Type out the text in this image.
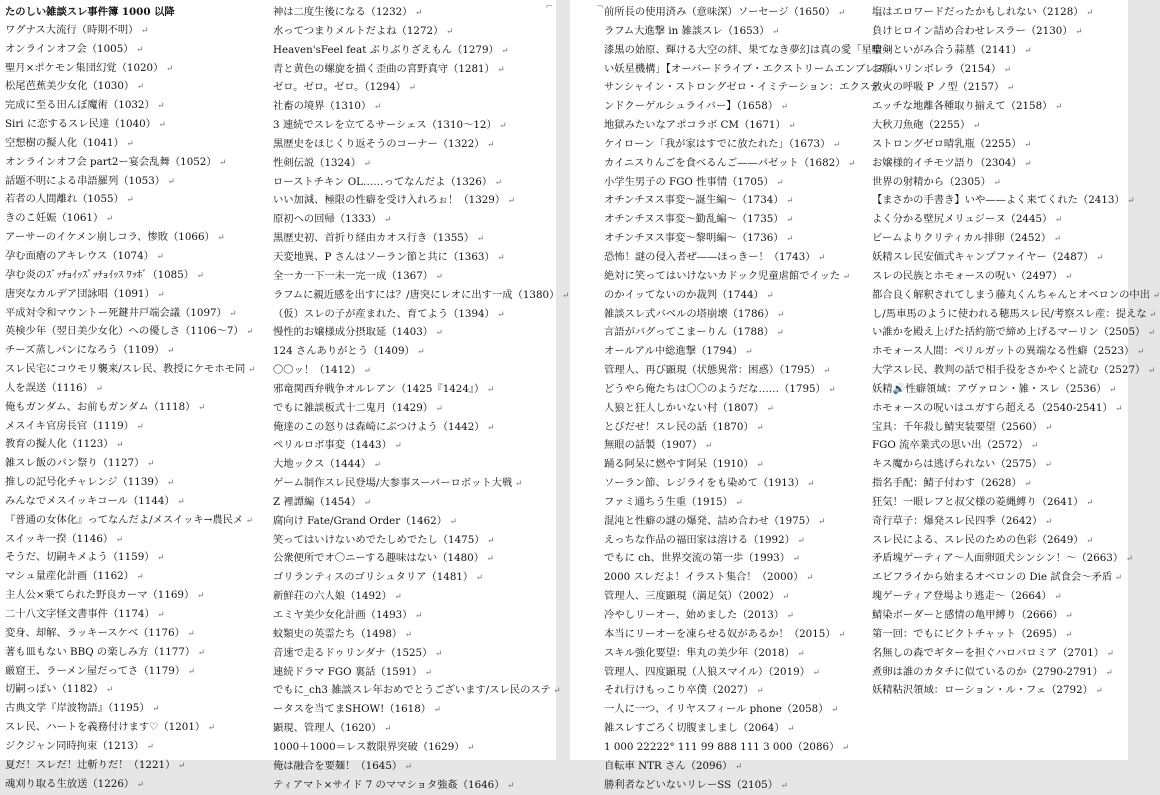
たのしい雑談スレ事件簿 1000 以降
ワグナス大流行（時期不明） ↵
オンラインオフ会（1005） ↵
聖月×ポケモン集団幻覚（1020） ↵
松尾芭蕉美少女化（1030） ↵
完成に至る田んぼ魔術（1032） ↵
Siri に恋するスレ民達（1040） ↵
空想樹の擬人化（1041） ↵
オンラインオフ会 part2ー宴会乱舞（1052） ↵
話題不明による串語羅列（1053） ↵
若者の人間離れ（1055） ↵
きのこ妊娠（1061） ↵
アーサーのイケメン崩しコラ、惨敗（1066） ↵
孕む面瘡のアキレウス（1074） ↵
孕む炎のｽﾞｯﾁｮｲｯｽﾞｯﾁｮｲｯｽ ﾜｯﾎﾞ（1085） ↵
唐突なカルデア団詠唱（1091） ↵
平成対令和マウントー死鍵井戸端会議（1097） ↵
英検少年（翌日美少女化）への優しさ（1106〜7） ↵
チーズ蒸しパンになろう（1109） ↵
スレ民宅にコウモリ襲来/スレ民、教授にケモホモ同 ↵
人を誤送（1116） ↵
俺もガンダム、お前もガンダム（1118） ↵
メスイキ官房長官（1119） ↵
教育の擬人化（1123） ↵
雑スレ飯のパン祭り（1127） ↵
推しの記号化チャレンジ（1139） ↵
みんなでメスイッキコール（1144） ↵
『普通の女体化』ってなんだよ/メスイッキ→農民メ ↵
スイッキ一揆（1146） ↵
そうだ、切嗣キメよう（1159） ↵
マシュ量産化計画（1162） ↵
主人公×乗てられた野良カーマ（1169） ↵
二十八文字怪文書事件（1174） ↵
変身、却解、ラッキースケベ（1176） ↵
著も皿もない BBQ の楽しみ方（1177） ↵
厳窟王、ラーメン屋だってさ（1179） ↵
切嗣っぽい（1182） ↵
古典文学『岸波物語』（1195） ↵
スレ民、ハートを義務付けます♡（1201） ↵
ジクジャン同時拘束（1213） ↵
夏だ！スレだ！辻斬りだ！（1221） ↵
魂刈り取る生放送（1226） ↵
神は二度生後になる（1232） ↵
水ってつまりメルトだよね（1272） ↵
Heaven'sFeel feat ぶりぶりざえもん（1279） ↵
青と黄色の螺旋を描く歪曲の宮野真守（1281） ↵
ゼロ。ゼロ。ゼロ。（1294） ↵
社畜の境界（1310） ↵
3 連続でスレを立てるサーシェス（1310〜12） ↵
黒歴史をほじくり返そうのコーナー（1322） ↵
性剣伝説（1324） ↵
ローストチキン OL……ってなんだよ（1326） ↵
いい加減、極限の性癖を受け入れろぉ！（1329） ↵
原初への回帰（1333） ↵
黒歴史初、首折り経由カオス行き（1355） ↵
天変地異、P さんはソーラン節と共に（1363） ↵
全一カ一下一未一完一成（1367） ↵
ラフムに親近感を出すには？/唐突にレオに出す一成（1380） ↵
（仮）スレの子が産まれた、育てよう（1394） ↵
慢性的お嬢様成分摂取延（1403） ↵
124 さんありがとう（1409） ↵
〇〇ッ！（1412） ↵
邪竜関西弁戦争オルレアン（1425『1424』） ↵
でもに雑談板式十二鬼月（1429） ↵
俺達のこの怒りは森崎にぶつけよう（1442） ↵
ペリルロボ事変（1443） ↵
大地ックス（1444） ↵
ゲーム制作スレ民登場/大参事スーパーロボット大戦 ↵
Z 裡譚編（1454） ↵
腐向け Fate/Grand Order（1462） ↵
笑ってはいけないめでたしめでたし（1475） ↵
公衆便所でオ〇ニーする趣味はない（1480） ↵
ゴリランティスのゴリシュタリア（1481） ↵
新鮮荘の六人娘（1492） ↵
エミヤ美少女化計画（1493） ↵
蚊類史の英霊たち（1498） ↵
音速で走るドゥリンダナ（1525） ↵
連続ドラマ FGO 裏話（1591） ↵
でもに_ch3 雑談スレ年おめでとうございます/スレ民のステ ↵
ータスを当てまSHOW!（1618） ↵
顕現、管理人（1620） ↵
1000＋1000＝レス数限界突破（1629） ↵
俺は融合を要麺！（1645） ↵
ティアマト×サイド 7 のママショタ強姦（1646） ↵
⌐	前所長の使用済み（意味深）ソーセージ（1650） ↵
ラフム大進撃 in 雑談スレ（1653） ↵
漆黒の始原、輝ける大空の絆、果てなき夢幻は真の愛「星喰 ↵
い妖星機構」【オーバードライブ・エクストリームエンブレス ↵
サンシャイン・ストロングゼロ・イミテーション：エクステ ↵
ンドクーゲルシュライバー】（1658） ↵
地獄みたいなアポコラボ CM（1671） ↵
ケイローン「我が家はすでに放たれた」（1673） ↵
カイニスりんごを食べるんご——パゼット（1682） ↵
小学生男子の FGO 性事情（1705） ↵
オチンチヌス事変〜誕生編〜（1734） ↵
オチンチヌス事変〜勤乱編〜（1735） ↵
オチンチヌス事変〜黎明編〜（1736） ↵
恐怖！謎の侵入者ぜ——ほっきー！（1743） ↵
絶対に笑ってはいけないカドック児童虐館でイッた ↵
のかイッてないのか裁判（1744） ↵
雑談スレ式バベルの塔崩壊（1786） ↵
言語がバグってこまーりん（1788） ↵
オールアル中総進撃（1794） ↵
管理人、再び顕現（状態異常：困惑）（1795） ↵
どうやら俺たちは〇〇のようだな……（1795） ↵
人狼と狂人しかいない村（1807） ↵
とびだせ！スレ民の話（1870） ↵
無眼の話製（1907） ↵
踊る阿呆に燃やす阿呆（1910） ↵
ソーラン節、レジライをも染めて（1913） ↵
ファミ通ちう生重（1915） ↵
混沌と性癖の謎の爆発、詰め合わせ（1975） ↵
えっちな作品の福田家は溶ける（1992） ↵
でもに ch、世界交流の第一歩（1993） ↵
2000 スレだよ！イラスト集合！（2000） ↵
管理人、三度顕現（満足気）（2002） ↵
冷やしリーオー、始めました（2013） ↵
本当にリーオーを凍らせる奴があるか！（2015） ↵
スキル強化要望：隼丸の美少年（2018） ↵
管理人、四度顕現（人狼スマイル）（2019） ↵
それ行けもっこり卒僕（2027） ↵
一人に一つ、イリヤスフィール phone（2058） ↵
雑スレすごろく切腹ましまし（2064） ↵
1 000 22222° 111 99 888 111 3 000（2086） ↵
自転車 NTR さん（2096） ↵
勝利者などいないリレーSS（2105） ↵
塩はエロワードだったかもしれない（2128） ↵
負けヒロイン詰め合わせレスラー（2130） ↵
聖剣といがみ合う蒜墓（2141） ↵
お願いリンボレラ（2154） ↵
放火の呼吸 P ノ型（2157） ↵
エッチな地離各種取り揃えて（2158） ↵
大秋刀魚砲（2255） ↵
ストロングゼロ晴乳瓶（2255） ↵
お嬢様的イチモツ語り（2304） ↵
世界の射精から（2305） ↵
【まさかの手書き】いや——よく来てくれた（2413） ↵
よく分かる壁尻メリュジーヌ（2445） ↵
ビームよりクリティカル排卵（2452） ↵
妖精スレ民安価式キャンプファイヤー（2487） ↵
スレの民族とホモォースの呪い（2497） ↵
都合良く解釈されてしまう藤丸くんちゃんとオベロンの中出 ↵
し/馬車馬のように使われる穂馬スレ民/考察スレ産：提えな ↵
い誰かを殿え上げた括約筋で締め上げるマーリン（2505） ↵
ホモォース人間：ペリルガットの異端なる性癖（2523） ↵
大学スレ民、教判の話で相手役をさかやくと読む（2527） ↵
妖精🔊性癖領域：アヴァロン・雑・スレ（2536） ↵
ホモォースの呪いはユガすら超える（2540-2541） ↵
宝具：千年殺し鯖実装要望（2560） ↵
FGO 流卒業式の思い出（2572） ↵
キス魔からは逃げられない（2575） ↵
指名手配：鯖子付わす（2628） ↵
狂気！一眼レフと叔父様の菱縄縛り（2641） ↵
奇行草子：爆発スレ民四季（2642） ↵
スレ民による、スレ民のための色彩（2649） ↵
矛盾塊ゲーティア〜人面卵頭犬シンシン！〜（2663） ↵
エビフライから始まるオベロンの Die 試食会〜矛盾 ↵
塊ゲーティア登場より逃走〜（2664） ↵
鯖染ボーダーと感情の亀甲縛り（2666） ↵
第一回：でもにビクトチャット（2695） ↵
名無しの森でギターを担ぐハロバロミア（2701） ↵
煮卵は誰のカタチに似ているのか（2790-2791） ↵
妖精粘沢領域：ローション・ル・フェ（2792） ↵
¬
